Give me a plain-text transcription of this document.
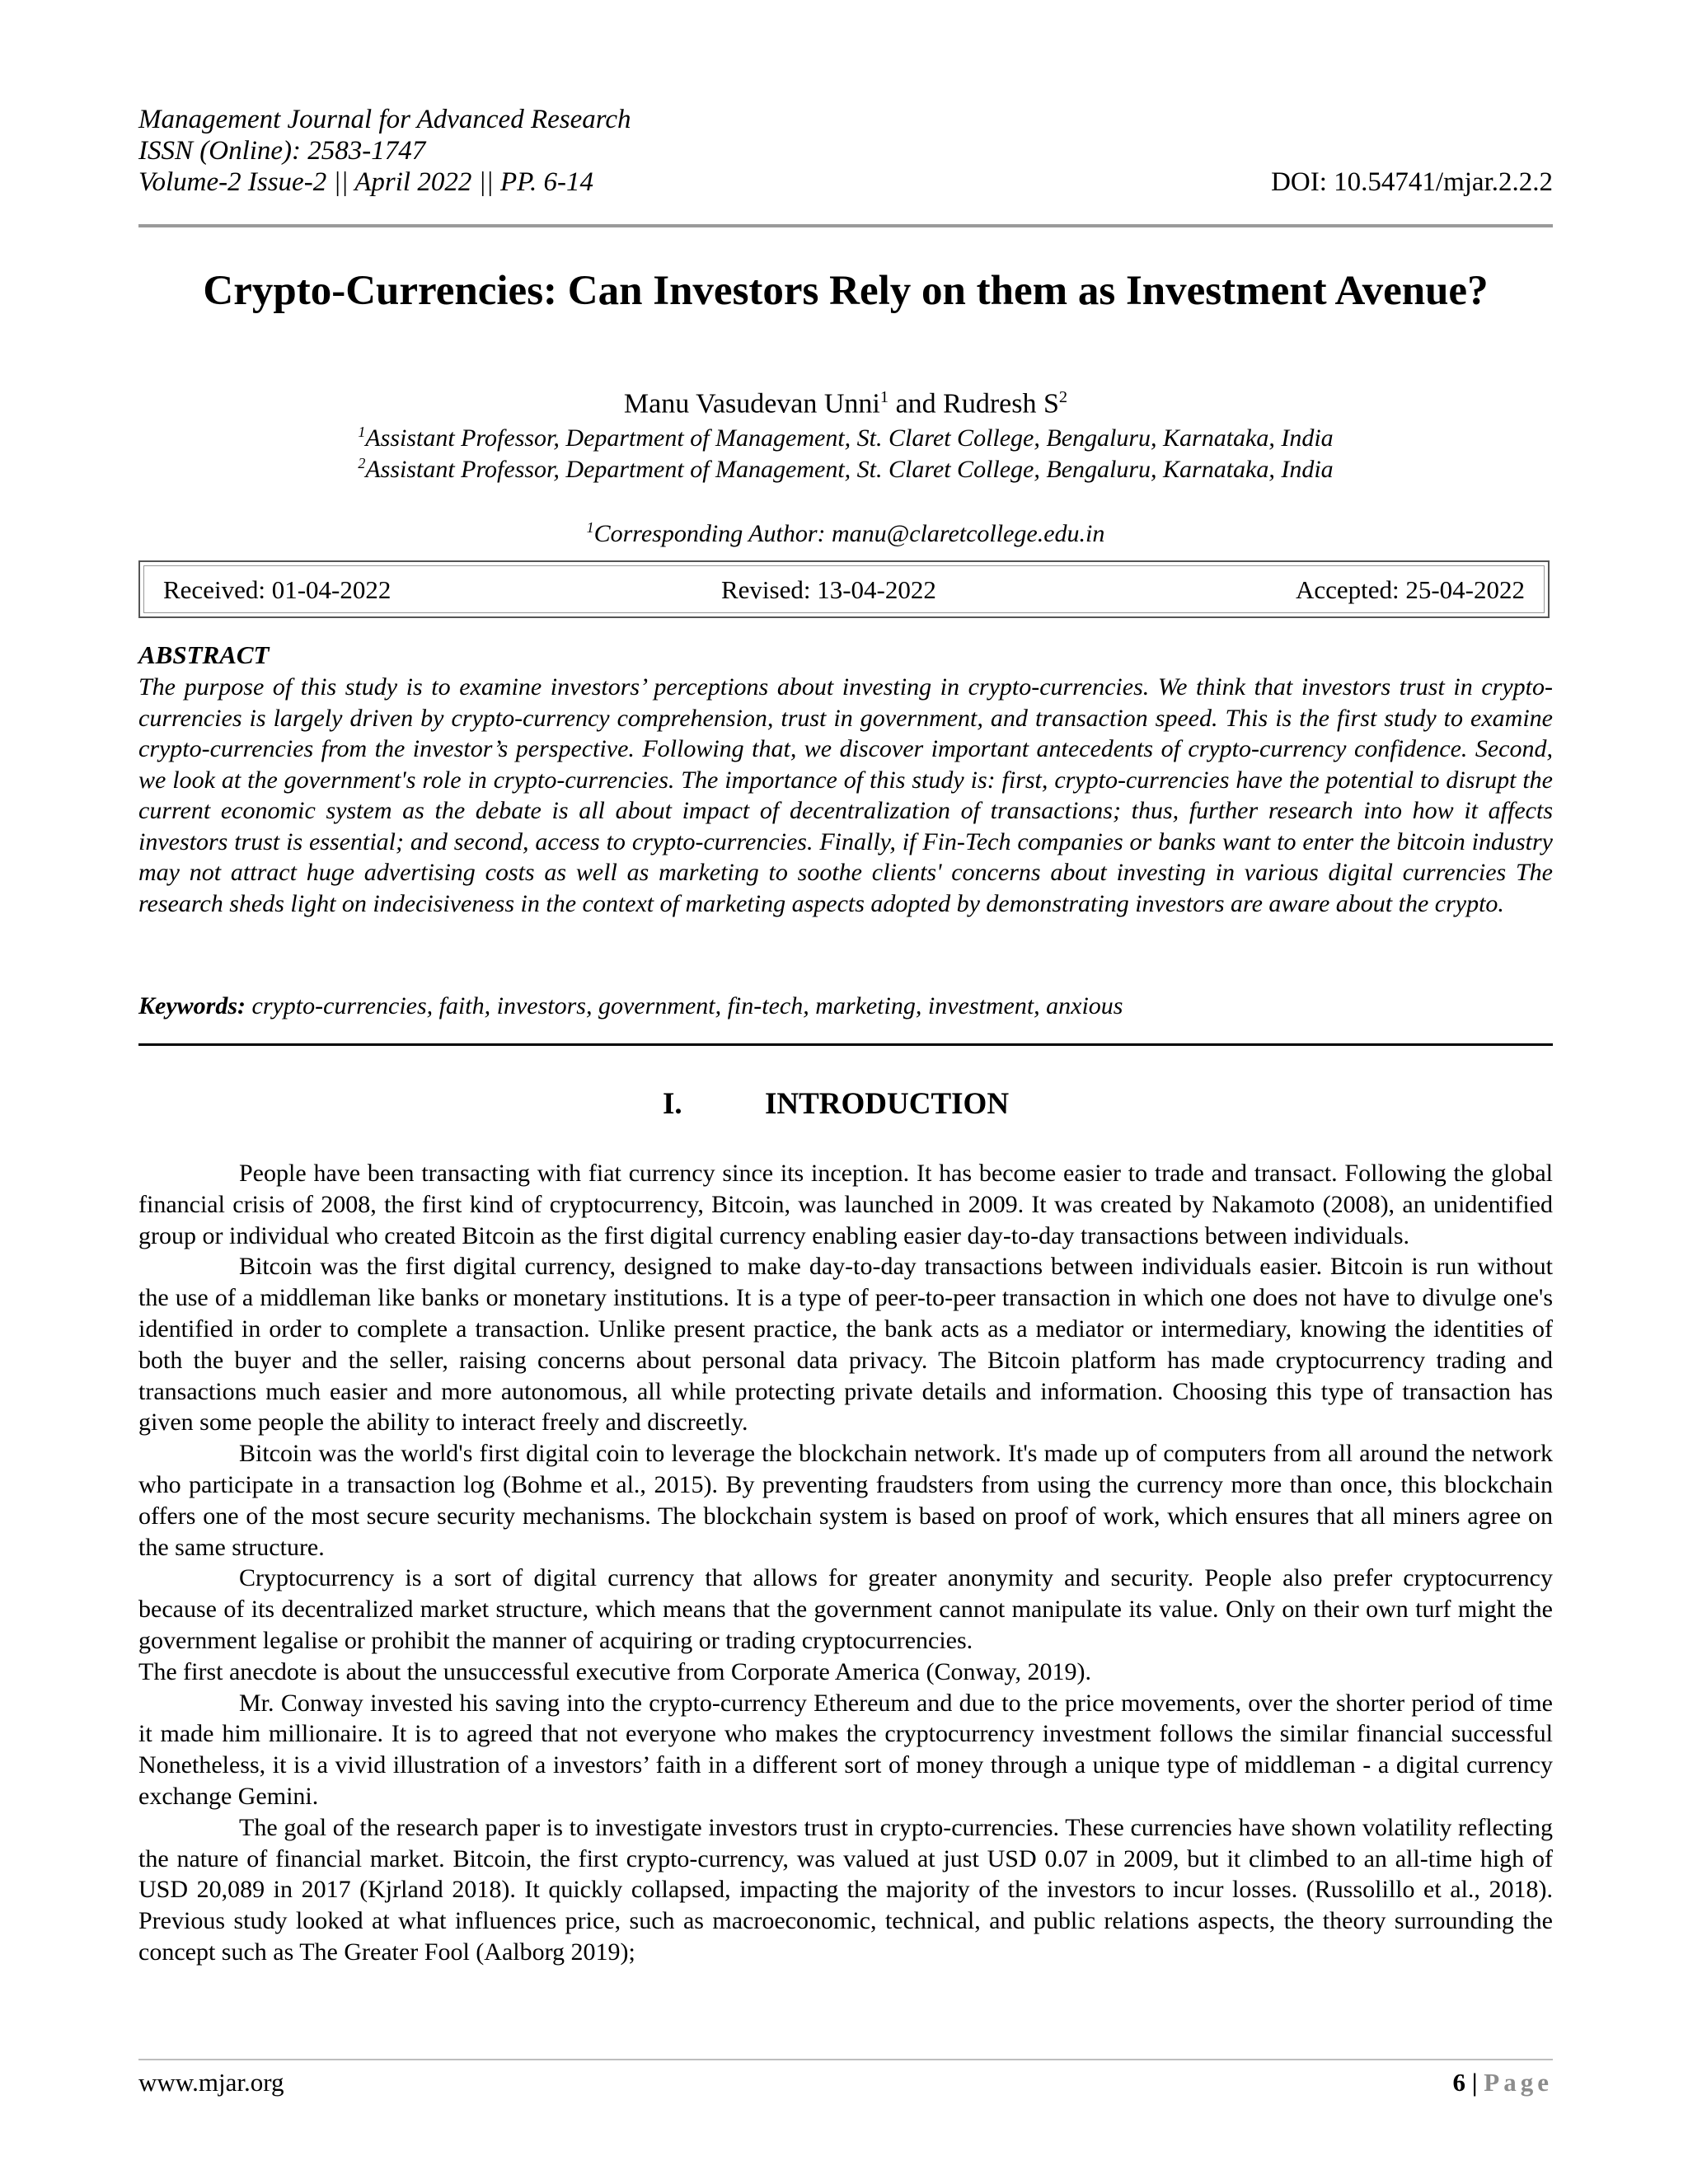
Management Journal for Advanced Research
ISSN (Online): 2583-1747
Volume-2 Issue-2 || April 2022 || PP. 6-14	DOI: 10.54741/mjar.2.2.2
Crypto-Currencies: Can Investors Rely on them as Investment Avenue?
Manu Vasudevan Unni$^1$ and Rudresh $S^2$
$^1$Assistant Professor, Department of Management, St. Claret College, Bengaluru, Karnataka, India
$^2$Assistant Professor, Department of Management, St. Claret College, Bengaluru, Karnataka, India
$^1$Corresponding Author: manu@claretcollege.edu.in
Received: 01-04-2022	Revised: 13-04-2022	Accepted: 25-04-2022
ABSTRACT
The purpose of this study is to examine investors’ perceptions about investing in crypto-currencies. We think that investors trust in crypto-currencies is largely driven by crypto-currency comprehension, trust in government, and transaction speed. This is the first study to examine crypto-currencies from the investor’s perspective. Following that, we discover important antecedents of crypto-currency confidence. Second, we look at the government's role in crypto-currencies. The importance of this study is: first, crypto-currencies have the potential to disrupt the current economic system as the debate is all about impact of decentralization of transactions; thus, further research into how it affects investors trust is essential; and second, access to crypto-currencies. Finally, if Fin-Tech companies or banks want to enter the bitcoin industry may not attract huge advertising costs as well as marketing to soothe clients' concerns about investing in various digital currencies The research sheds light on indecisiveness in the context of marketing aspects adopted by demonstrating investors are aware about the crypto.
Keywords: crypto-currencies, faith, investors, government, fin-tech, marketing, investment, anxious
I.	INTRODUCTION

People have been transacting with fiat currency since its inception. It has become easier to trade and transact. Following the global financial crisis of 2008, the first kind of cryptocurrency, Bitcoin, was launched in 2009. It was created by Nakamoto (2008), an unidentified group or individual who created Bitcoin as the first digital currency enabling easier day-to-day transactions between individuals.

Bitcoin was the first digital currency, designed to make day-to-day transactions between individuals easier. Bitcoin is run without the use of a middleman like banks or monetary institutions. It is a type of peer-to-peer transaction in which one does not have to divulge one's identified in order to complete a transaction. Unlike present practice, the bank acts as a mediator or intermediary, knowing the identities of both the buyer and the seller, raising concerns about personal data privacy. The Bitcoin platform has made cryptocurrency trading and transactions much easier and more autonomous, all while protecting private details and information. Choosing this type of transaction has given some people the ability to interact freely and discreetly.

Bitcoin was the world's first digital coin to leverage the blockchain network. It's made up of computers from all around the network who participate in a transaction log (Bohme et al., 2015). By preventing fraudsters from using the currency more than once, this blockchain offers one of the most secure security mechanisms. The blockchain system is based on proof of work, which ensures that all miners agree on the same structure.

Cryptocurrency is a sort of digital currency that allows for greater anonymity and security. People also prefer cryptocurrency because of its decentralized market structure, which means that the government cannot manipulate its value. Only on their own turf might the government legalise or prohibit the manner of acquiring or trading cryptocurrencies.

The first anecdote is about the unsuccessful executive from Corporate America (Conway, 2019).

Mr. Conway invested his saving into the crypto-currency Ethereum and due to the price movements, over the shorter period of time it made him millionaire. It is to agreed that not everyone who makes the cryptocurrency investment follows the similar financial successful Nonetheless, it is a vivid illustration of a investors’ faith in a different sort of money through a unique type of middleman - a digital currency exchange Gemini.

The goal of the research paper is to investigate investors trust in crypto-currencies. These currencies have shown volatility reflecting the nature of financial market. Bitcoin, the first crypto-currency, was valued at just USD 0.07 in 2009, but it climbed to an all-time high of USD 20,089 in 2017 (Kjrland 2018). It quickly collapsed, impacting the majority of the investors to incur losses. (Russolillo et al., 2018). Previous study looked at what influences price, such as macroeconomic, technical, and public relations aspects, the theory surrounding the concept such as The Greater Fool (Aalborg 2019);

www.mjar.org	6 | Page
